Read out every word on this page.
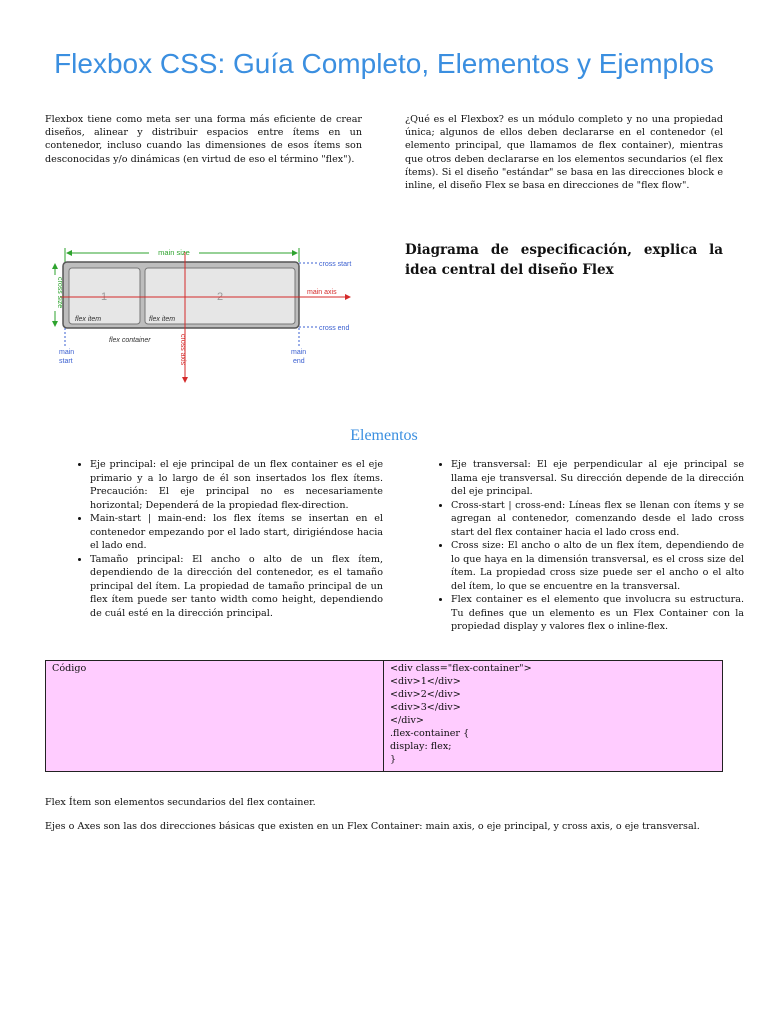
Flexbox CSS: Guía Completo, Elementos y Ejemplos
Flexbox tiene como meta ser una forma más eficiente de crear diseños, alinear y distribuir espacios entre ítems en un contenedor, incluso cuando las dimensiones de esos ítems son desconocidas y/o dinámicas (en virtud de eso el término "flex").
¿Qué es el Flexbox? es un módulo completo y no una propiedad única; algunos de ellos deben declararse en el contenedor (el elemento principal, que llamamos de flex container), mientras que otros deben declararse en los elementos secundarios (el flex ítems). Si el diseño "estándar" se basa en las direcciones block e inline, el diseño Flex se basa en direcciones de "flex flow".
main size
1	2
flex item	flex item
cross start
cross end
main axis
cross axis
cross size
main
start
main
end
flex container
Diagrama de especificación, explica la idea central del diseño Flex
Elementos
• Eje principal: el eje principal de un flex container es el eje primario y a lo largo de él son insertados los flex ítems. Precaución: El eje principal no es necesariamente horizontal; Dependerá de la propiedad flex-direction.
• Main-start | main-end: los flex ítems se insertan en el contenedor empezando por el lado start, dirigiéndose hacia el lado end.
• Tamaño principal: El ancho o alto de un flex ítem, dependiendo de la dirección del contenedor, es el tamaño principal del ítem. La propiedad de tamaño principal de un flex ítem puede ser tanto width como height, dependiendo de cuál esté en la dirección principal.
• Eje transversal: El eje perpendicular al eje principal se llama eje transversal. Su dirección depende de la dirección del eje principal.
• Cross-start | cross-end: Líneas flex se llenan con ítems y se agregan al contenedor, comenzando desde el lado cross start del flex container hacia el lado cross end.
• Cross size: El ancho o alto de un flex ítem, dependiendo de lo que haya en la dimensión transversal, es el cross size del ítem. La propiedad cross size puede ser el ancho o el alto del ítem, lo que se encuentre en la transversal.
• Flex container es el elemento que involucra su estructura. Tu defines que un elemento es un Flex Container con la propiedad display y valores flex o inline-flex.
Código	<div class="flex-container">
<div>1</div>
<div>2</div>
<div>3</div>
</div>
.flex-container {
display: flex;
}
Flex Ítem son elementos secundarios del flex container.
Ejes o Axes son las dos direcciones básicas que existen en un Flex Container: main axis, o eje principal, y cross axis, o eje transversal.
